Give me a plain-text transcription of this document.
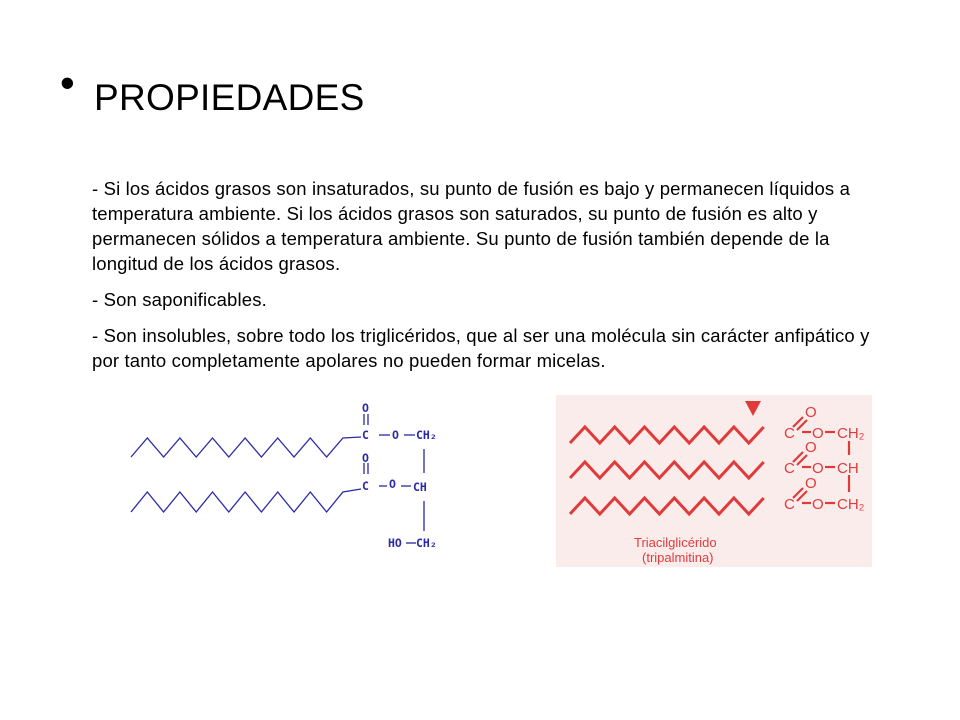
• PROPIEDADES

- Si los ácidos grasos son insaturados, su punto de fusión es bajo y permanecen líquidos a temperatura ambiente. Si los ácidos grasos son saturados, su punto de fusión es alto y permanecen sólidos a temperatura ambiente. Su punto de fusión también depende de la longitud de los ácidos grasos.

- Son saponificables.

- Son insolubles, sobre todo los triglicéridos, que al ser una molécula sin carácter anfipático y por tanto completamente apolares no pueden formar micelas.

O
C O CH₂
O
C O CH
HO CH₂
C
O
O CH₂
C
O
O CH
C
O
O CH₂
Triacilglicérido
(tripalmitina)
